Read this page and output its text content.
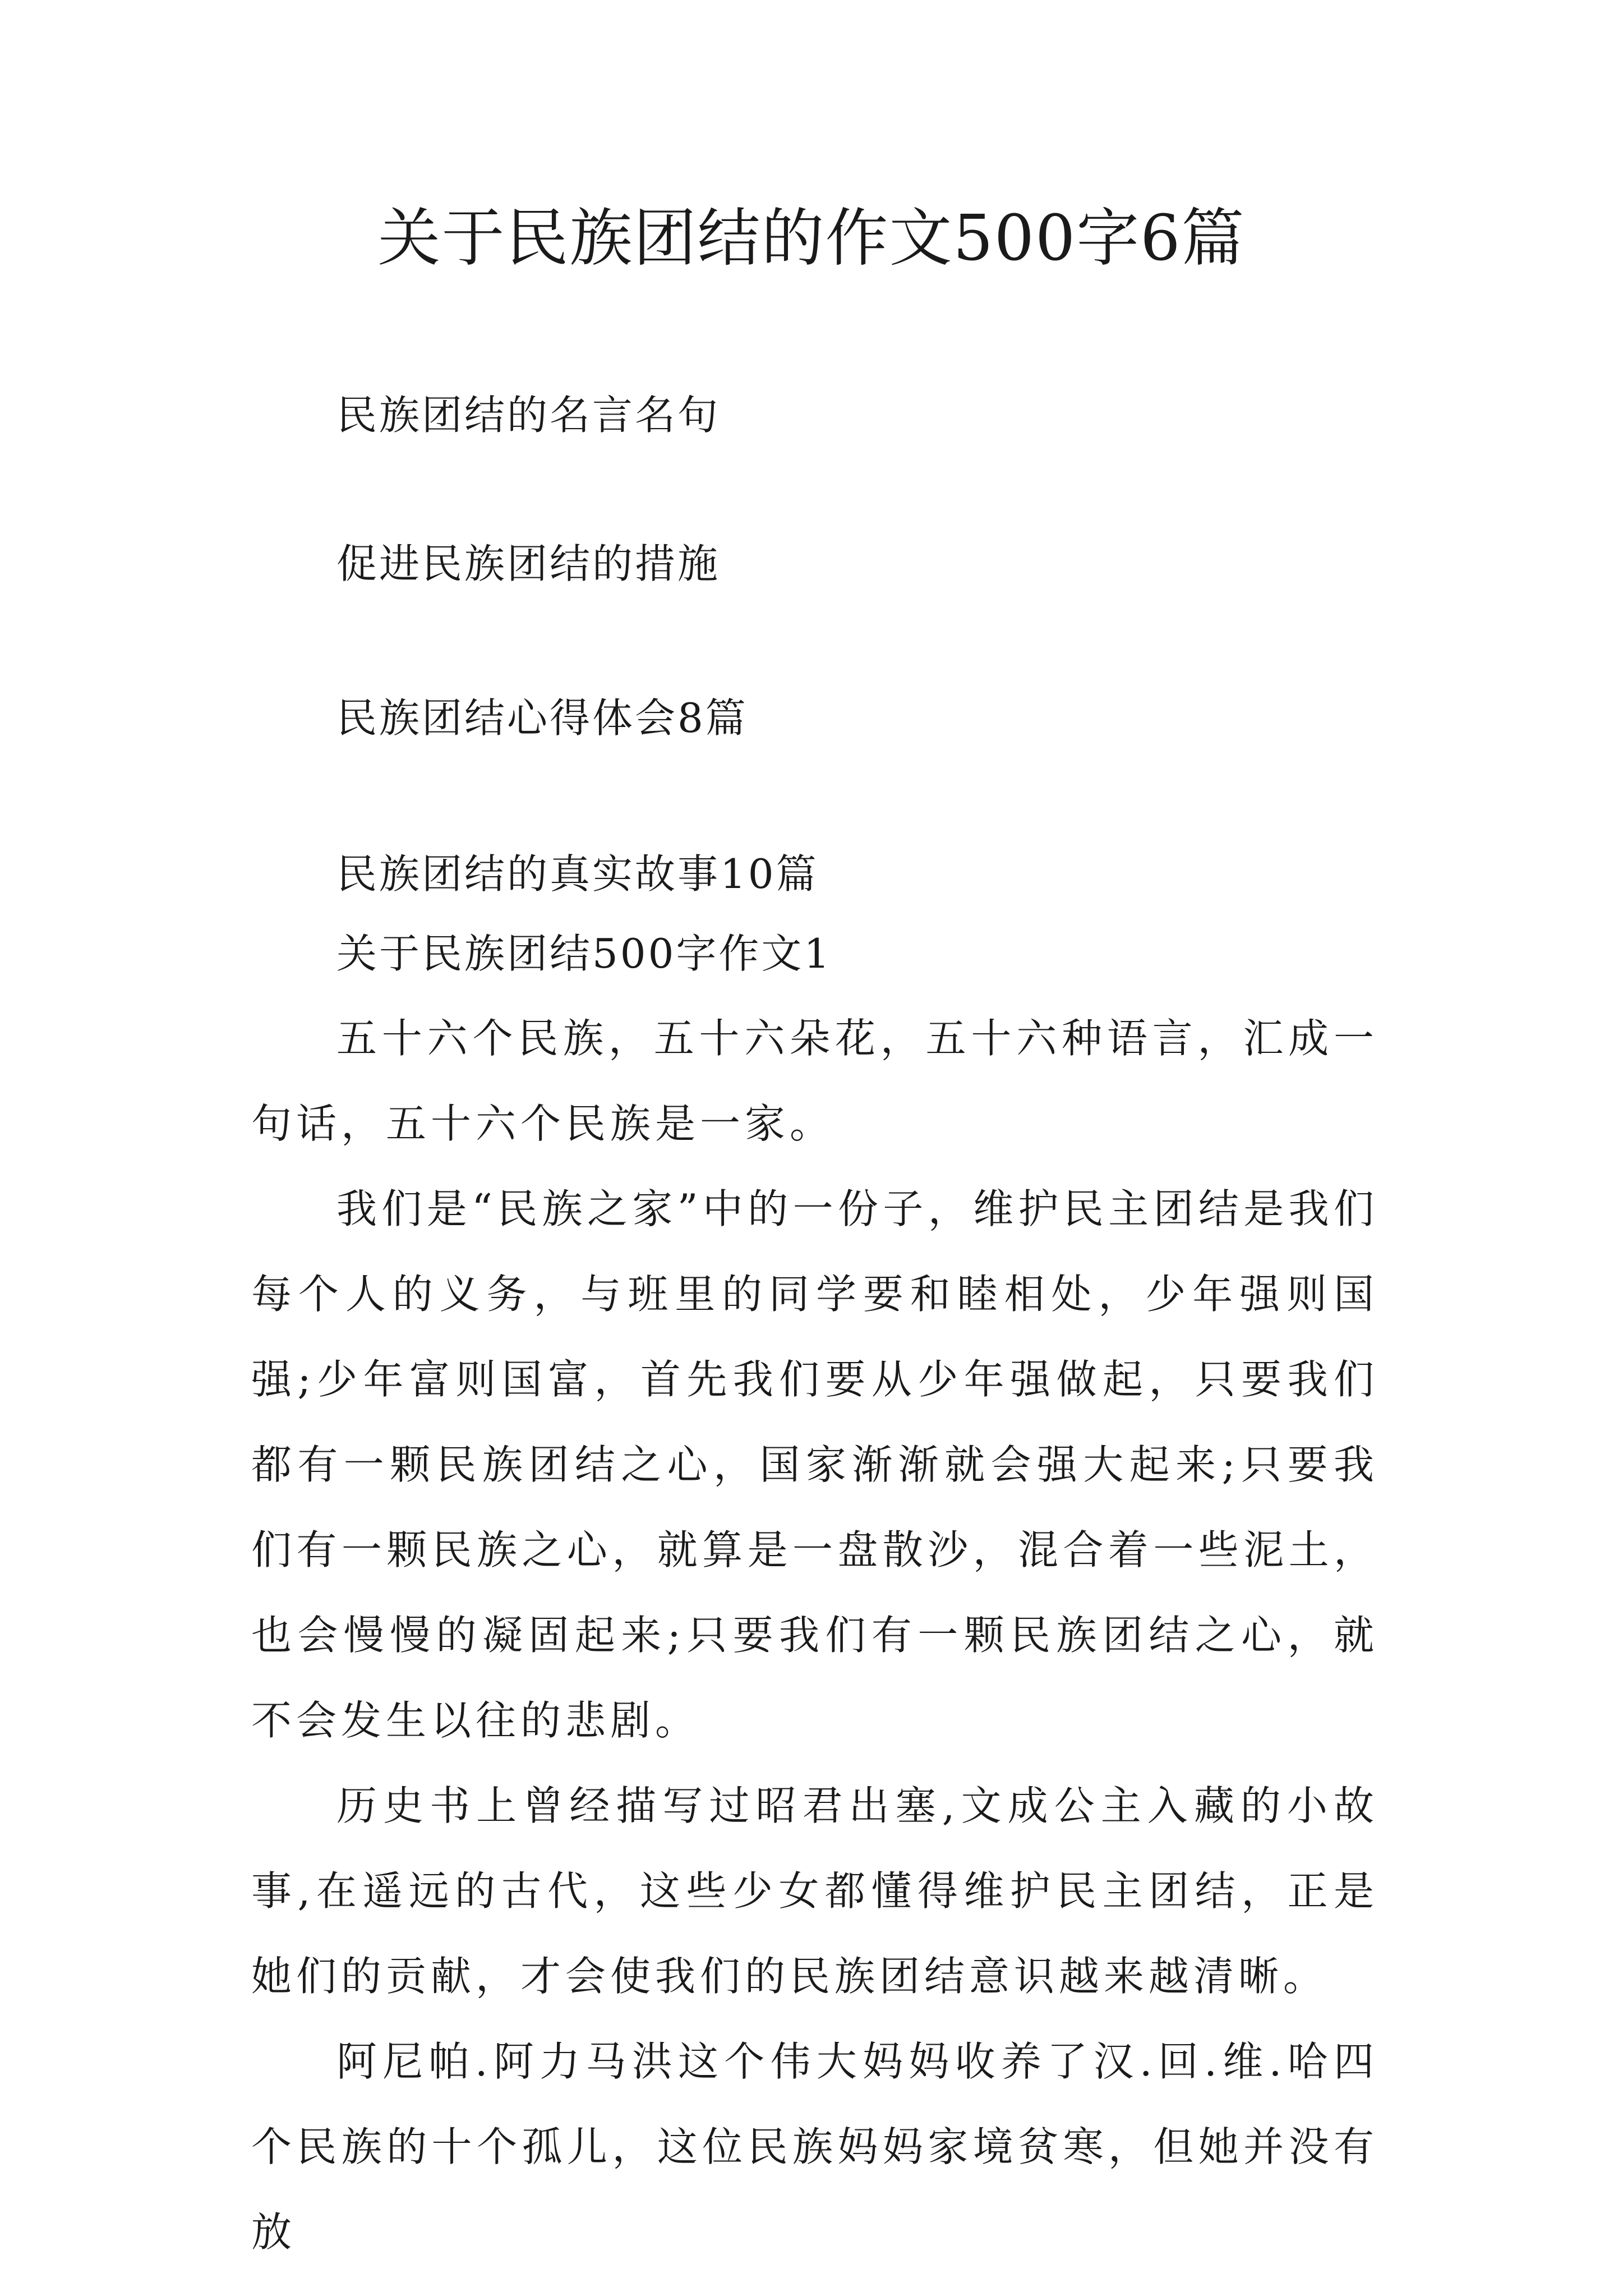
关于民族团结的作文500字6篇

民族团结的名言名句

促进民族团结的措施

民族团结心得体会8篇

民族团结的真实故事10篇

关于民族团结500字作文1

五十六个民族，五十六朵花，五十六种语言，汇成一句话，五十六个民族是一家。

我们是“民族之家”中的一份子，维护民主团结是我们每个人的义务，与班里的同学要和睦相处，少年强则国强;少年富则国富，首先我们要从少年强做起，只要我们都有一颗民族团结之心，国家渐渐就会强大起来;只要我们有一颗民族之心，就算是一盘散沙，混合着一些泥土，也会慢慢的凝固起来;只要我们有一颗民族团结之心，就不会发生以往的悲剧。

历史书上曾经描写过昭君出塞,文成公主入藏的小故事,在遥远的古代，这些少女都懂得维护民主团结，正是她们的贡献，才会使我们的民族团结意识越来越清晰。

阿尼帕.阿力马洪这个伟大妈妈收养了汉.回.维.哈四个民族的十个孤儿，这位民族妈妈家境贫寒，但她并没有放
